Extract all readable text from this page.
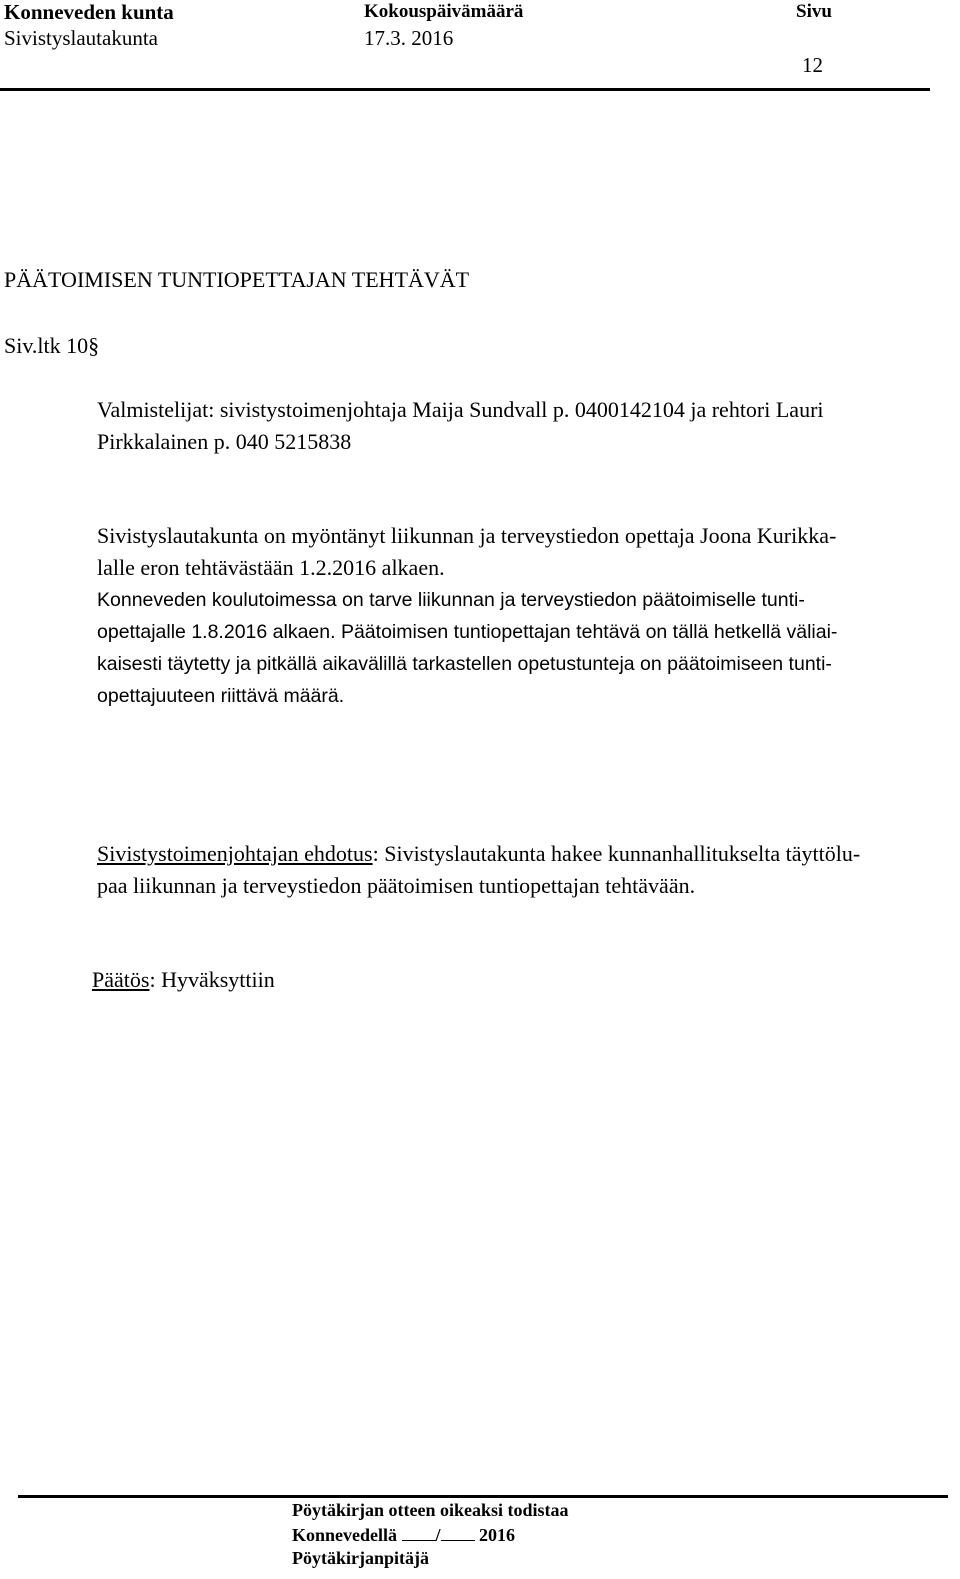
Konneveden kunta
Sivistyslautakunta
Kokouspäivämäärä
17.3. 2016
Sivu
12
PÄÄTOIMISEN TUNTIOPETTAJAN TEHTÄVÄT
Siv.ltk 10§
Valmistelijat: sivistystoimenjohtaja Maija Sundvall p. 0400142104 ja rehtori Lauri
Pirkkalainen p. 040 5215838
Sivistyslautakunta on myöntänyt liikunnan ja terveystiedon opettaja Joona Kurikka-
lalle eron tehtävästään 1.2.2016 alkaen.
Konneveden koulutoimessa on tarve liikunnan ja terveystiedon päätoimiselle tunti-
opettajalle 1.8.2016 alkaen. Päätoimisen tuntiopettajan tehtävä on tällä hetkellä väliai-
kaisesti täytetty ja pitkällä aikavälillä tarkastellen opetustunteja on päätoimiseen tunti-
opettajuuteen riittävä määrä.
Sivistystoimenjohtajan ehdotus: Sivistyslautakunta hakee kunnanhallitukselta täyttölu-
paa liikunnan ja terveystiedon päätoimisen tuntiopettajan tehtävään.
Päätös: Hyväksyttiin
Pöytäkirjan otteen oikeaksi todistaa
Konnevedellä / 2016
Pöytäkirjanpitäjä
